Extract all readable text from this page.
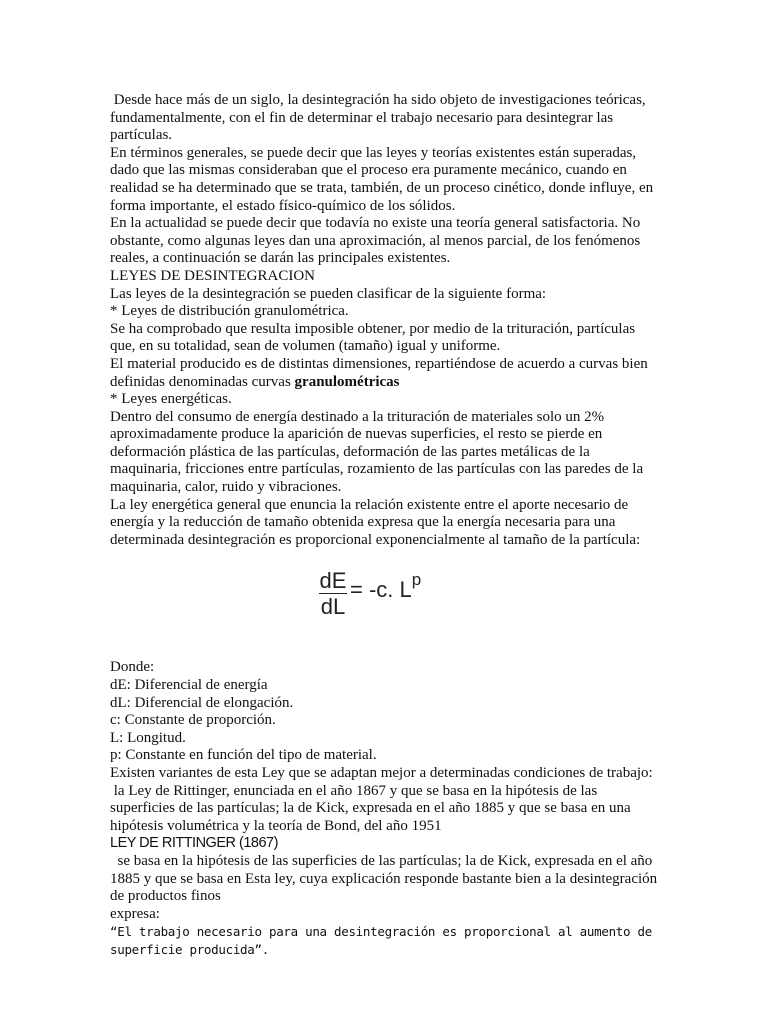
Desde hace más de un siglo, la desintegración ha sido objeto de investigaciones teóricas, fundamentalmente, con el fin de determinar el trabajo necesario para desintegrar las partículas.

En términos generales, se puede decir que las leyes y teorías existentes están superadas, dado que las mismas consideraban que el proceso era puramente mecánico, cuando en realidad se ha determinado que se trata, también, de un proceso cinético, donde influye, en forma importante, el estado físico-químico de los sólidos.

En la actualidad se puede decir que todavía no existe una teoría general satisfactoria. No obstante, como algunas leyes dan una aproximación, al menos parcial, de los fenómenos reales, a continuación se darán las principales existentes.

LEYES DE DESINTEGRACION

Las leyes de la desintegración se pueden clasificar de la siguiente forma:

* Leyes de distribución granulométrica.

Se ha comprobado que resulta imposible obtener, por medio de la trituración, partículas que, en su totalidad, sean de volumen (tamaño) igual y uniforme.

El material producido es de distintas dimensiones, repartiéndose de acuerdo a curvas bien definidas denominadas curvas granulométricas

* Leyes energéticas.

Dentro del consumo de energía destinado a la trituración de materiales solo un 2% aproximadamente produce la aparición de nuevas superficies, el resto se pierde en deformación plástica de las partículas, deformación de las partes metálicas de la maquinaria, fricciones entre partículas, rozamiento de las partículas con las paredes de la maquinaria, calor, ruido y vibraciones.

La ley energética general que enuncia la relación existente entre el aporte necesario de energía y la reducción de tamaño obtenida expresa que la energía necesaria para una determinada desintegración es proporcional exponencialmente al tamaño de la partícula:

dE
dL
= -c. $L^p$

Donde:

dE: Diferencial de energía

dL: Diferencial de elongación.

c: Constante de proporción.

L: Longitud.

p: Constante en función del tipo de material.

Existen variantes de esta Ley que se adaptan mejor a determinadas condiciones de trabajo:

la Ley de Rittinger, enunciada en el año 1867 y que se basa en la hipótesis de las superficies de las partículas; la de Kick, expresada en el año 1885 y que se basa en una hipótesis volumétrica y la teoría de Bond, del año 1951

LEY DE RITTINGER (1867)

se basa en la hipótesis de las superficies de las partículas; la de Kick, expresada en el año 1885 y que se basa en Esta ley, cuya explicación responde bastante bien a la desintegración de productos finos

expresa:

“El trabajo necesario para una desintegración es proporcional al aumento de superficie producida”.
